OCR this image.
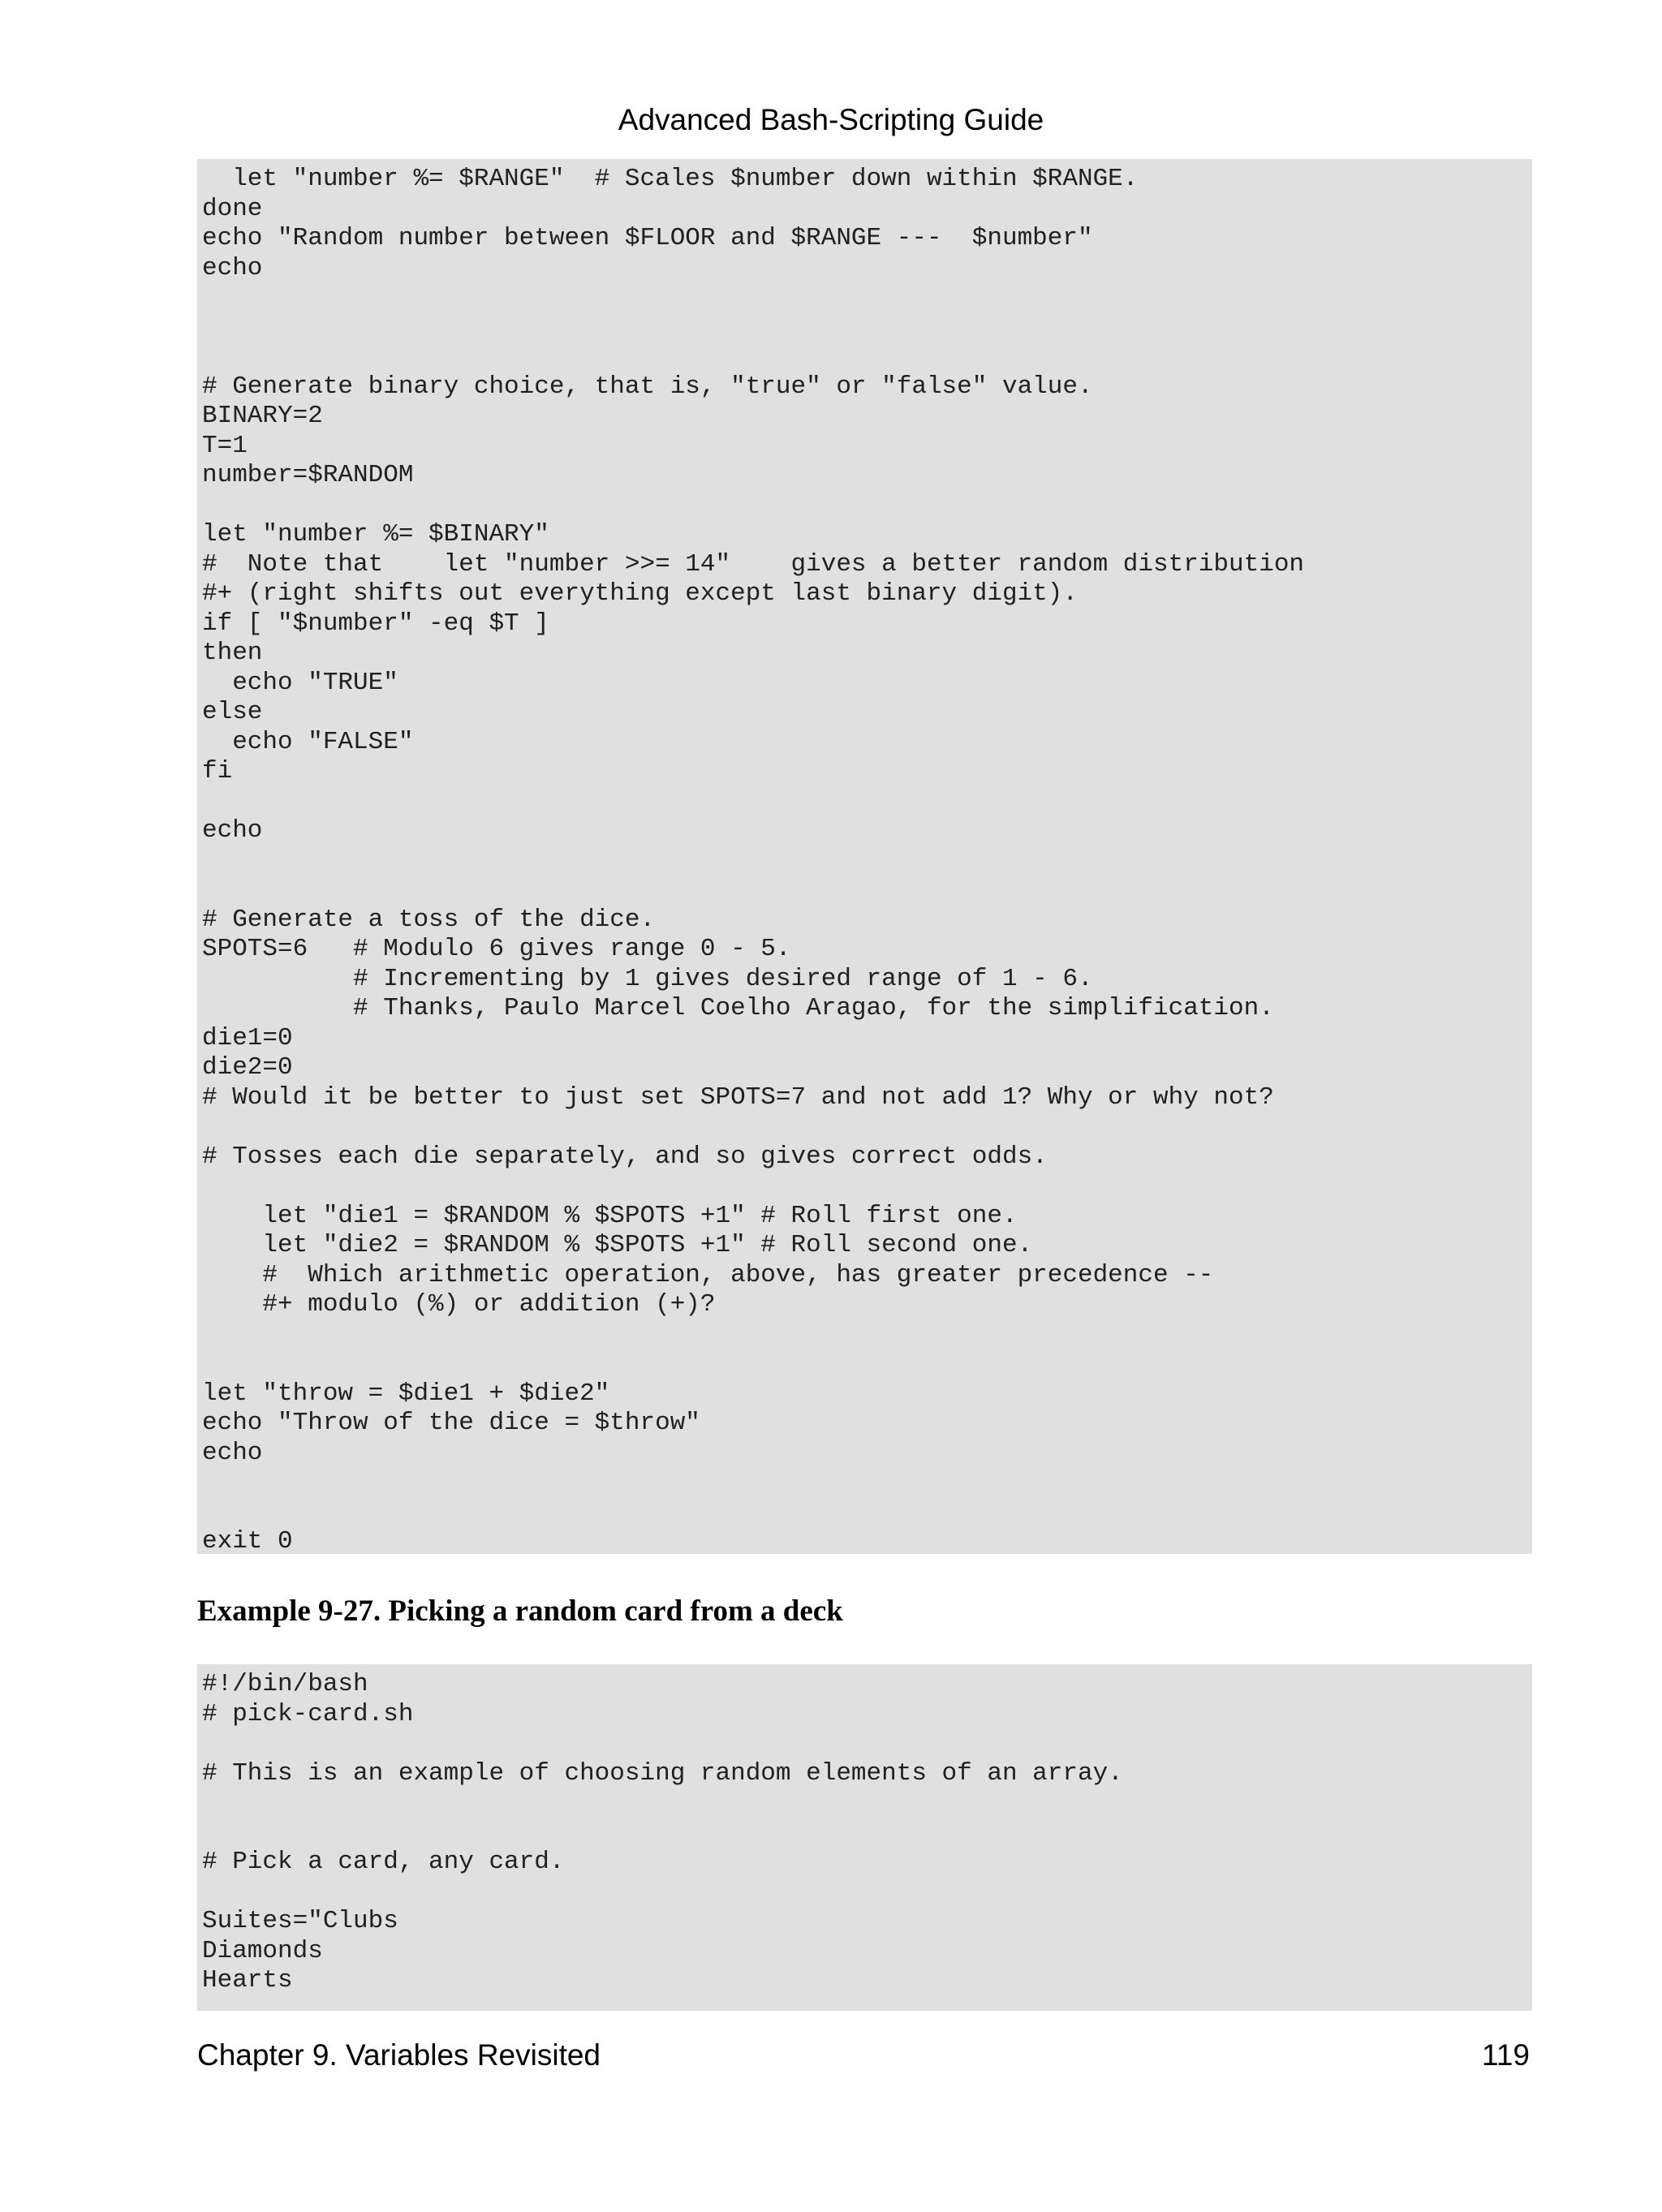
Advanced Bash-Scripting Guide
let "number %= $RANGE"  # Scales $number down within $RANGE.
done
echo "Random number between $FLOOR and $RANGE ---  $number"
echo
# Generate binary choice, that is, "true" or "false" value.
BINARY=2
T=1
number=$RANDOM
let "number %= $BINARY"
#  Note that    let "number >>= 14"    gives a better random distribution
#+ (right shifts out everything except last binary digit).
if [ "$number" -eq $T ]
then
echo "TRUE"
else
echo "FALSE"
fi
echo
# Generate a toss of the dice.
SPOTS=6   # Modulo 6 gives range 0 - 5.
# Incrementing by 1 gives desired range of 1 - 6.
# Thanks, Paulo Marcel Coelho Aragao, for the simplification.
die1=0
die2=0
# Would it be better to just set SPOTS=7 and not add 1? Why or why not?
# Tosses each die separately, and so gives correct odds.
let "die1 = $RANDOM % $SPOTS +1" # Roll first one.
let "die2 = $RANDOM % $SPOTS +1" # Roll second one.
#  Which arithmetic operation, above, has greater precedence --
#+ modulo (%) or addition (+)?
let "throw = $die1 + $die2"
echo "Throw of the dice = $throw"
echo
exit 0
Example 9-27. Picking a random card from a deck
#!/bin/bash
# pick-card.sh
# This is an example of choosing random elements of an array.
# Pick a card, any card.
Suites="Clubs
Diamonds
Hearts
Chapter 9. Variables Revisited	119
